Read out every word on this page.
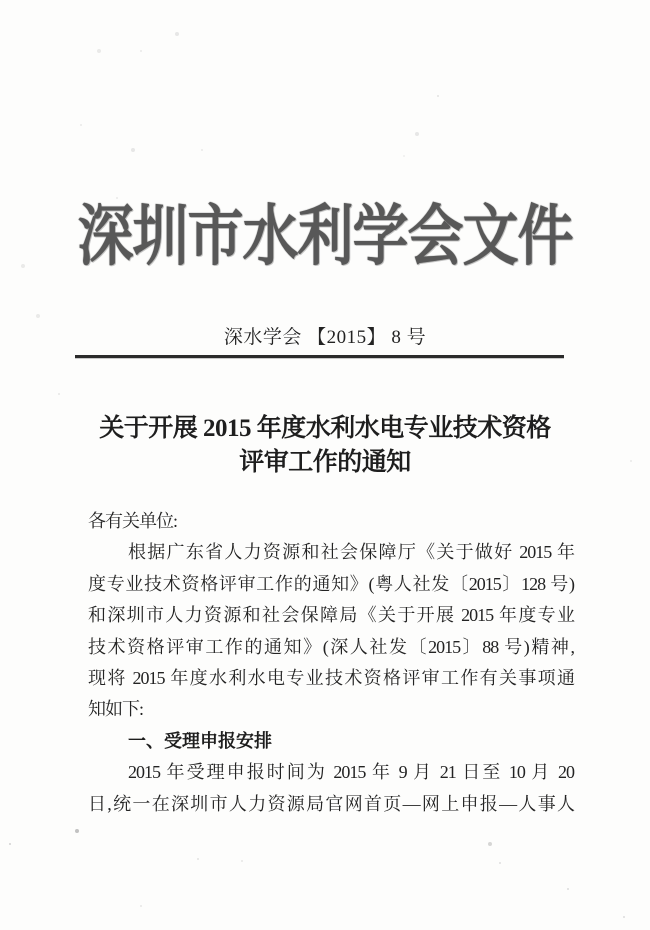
深圳市水利学会文件
深水学会 【2015】 8 号
关于开展 2015 年度水利水电专业技术资格
评审工作的通知
各有关单位:
根据广东省人力资源和社会保障厅《关于做好 2015 年
度专业技术资格评审工作的通知》(粤人社发〔2015〕128 号)
和深圳市人力资源和社会保障局《关于开展 2015 年度专业
技术资格评审工作的通知》(深人社发〔2015〕88 号)精神,
现将 2015 年度水利水电专业技术资格评审工作有关事项通
知如下:
一、受理申报安排
2015 年受理申报时间为 2015 年 9 月 21 日至 10 月 20
日,统一在深圳市人力资源局官网首页—网上申报—人事人
